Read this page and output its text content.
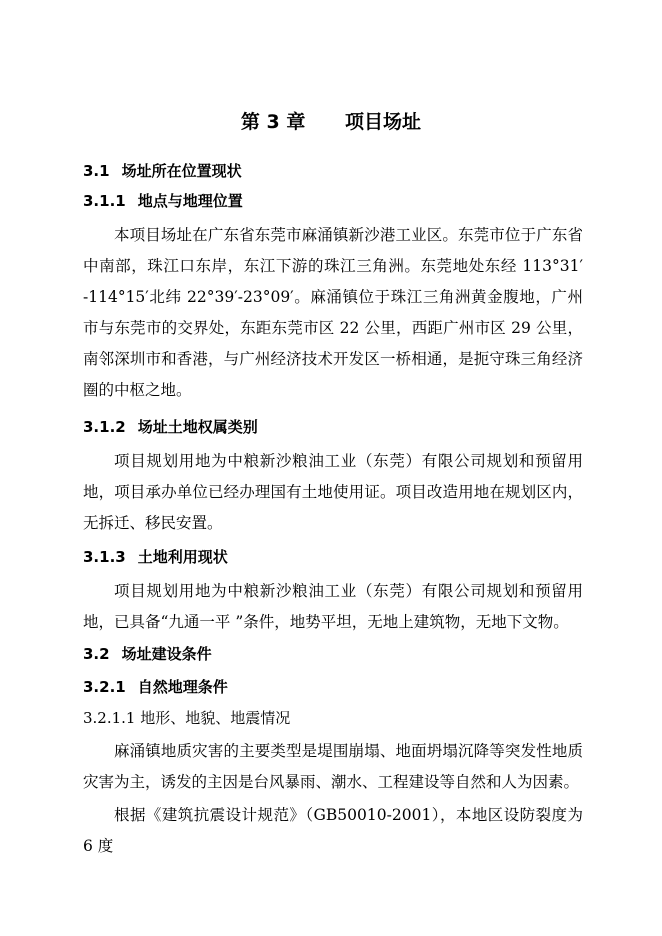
第 3 章      项目场址
3.1 场址所在位置现状
3.1.1 地点与地理位置

本项目场址在广东省东莞市麻涌镇新沙港工业区。东莞市位于广东省中南部，珠江口东岸，东江下游的珠江三角洲。东莞地处东经 113°31′ -114°15′北纬 22°39′-23°09′。麻涌镇位于珠江三角洲黄金腹地，广州市与东莞市的交界处，东距东莞市区 22 公里，西距广州市区 29 公里，南邻深圳市和香港，与广州经济技术开发区一桥相通，是扼守珠三角经济圈的中枢之地。

3.1.2 场址土地权属类别

项目规划用地为中粮新沙粮油工业（东莞）有限公司规划和预留用地，项目承办单位已经办理国有土地使用证。项目改造用地在规划区内，无拆迁、移民安置。

3.1.3 土地利用现状

项目规划用地为中粮新沙粮油工业（东莞）有限公司规划和预留用地，已具备“九通一平 ”条件，地势平坦，无地上建筑物，无地下文物。

3.2 场址建设条件
3.2.1 自然地理条件
3.2.1.1 地形、地貌、地震情况

麻涌镇地质灾害的主要类型是堤围崩塌、地面坍塌沉降等突发性地质灾害为主，诱发的主因是台风暴雨、潮水、工程建设等自然和人为因素。

根据《建筑抗震设计规范》（GB50010-2001），本地区设防裂度为 6 度
